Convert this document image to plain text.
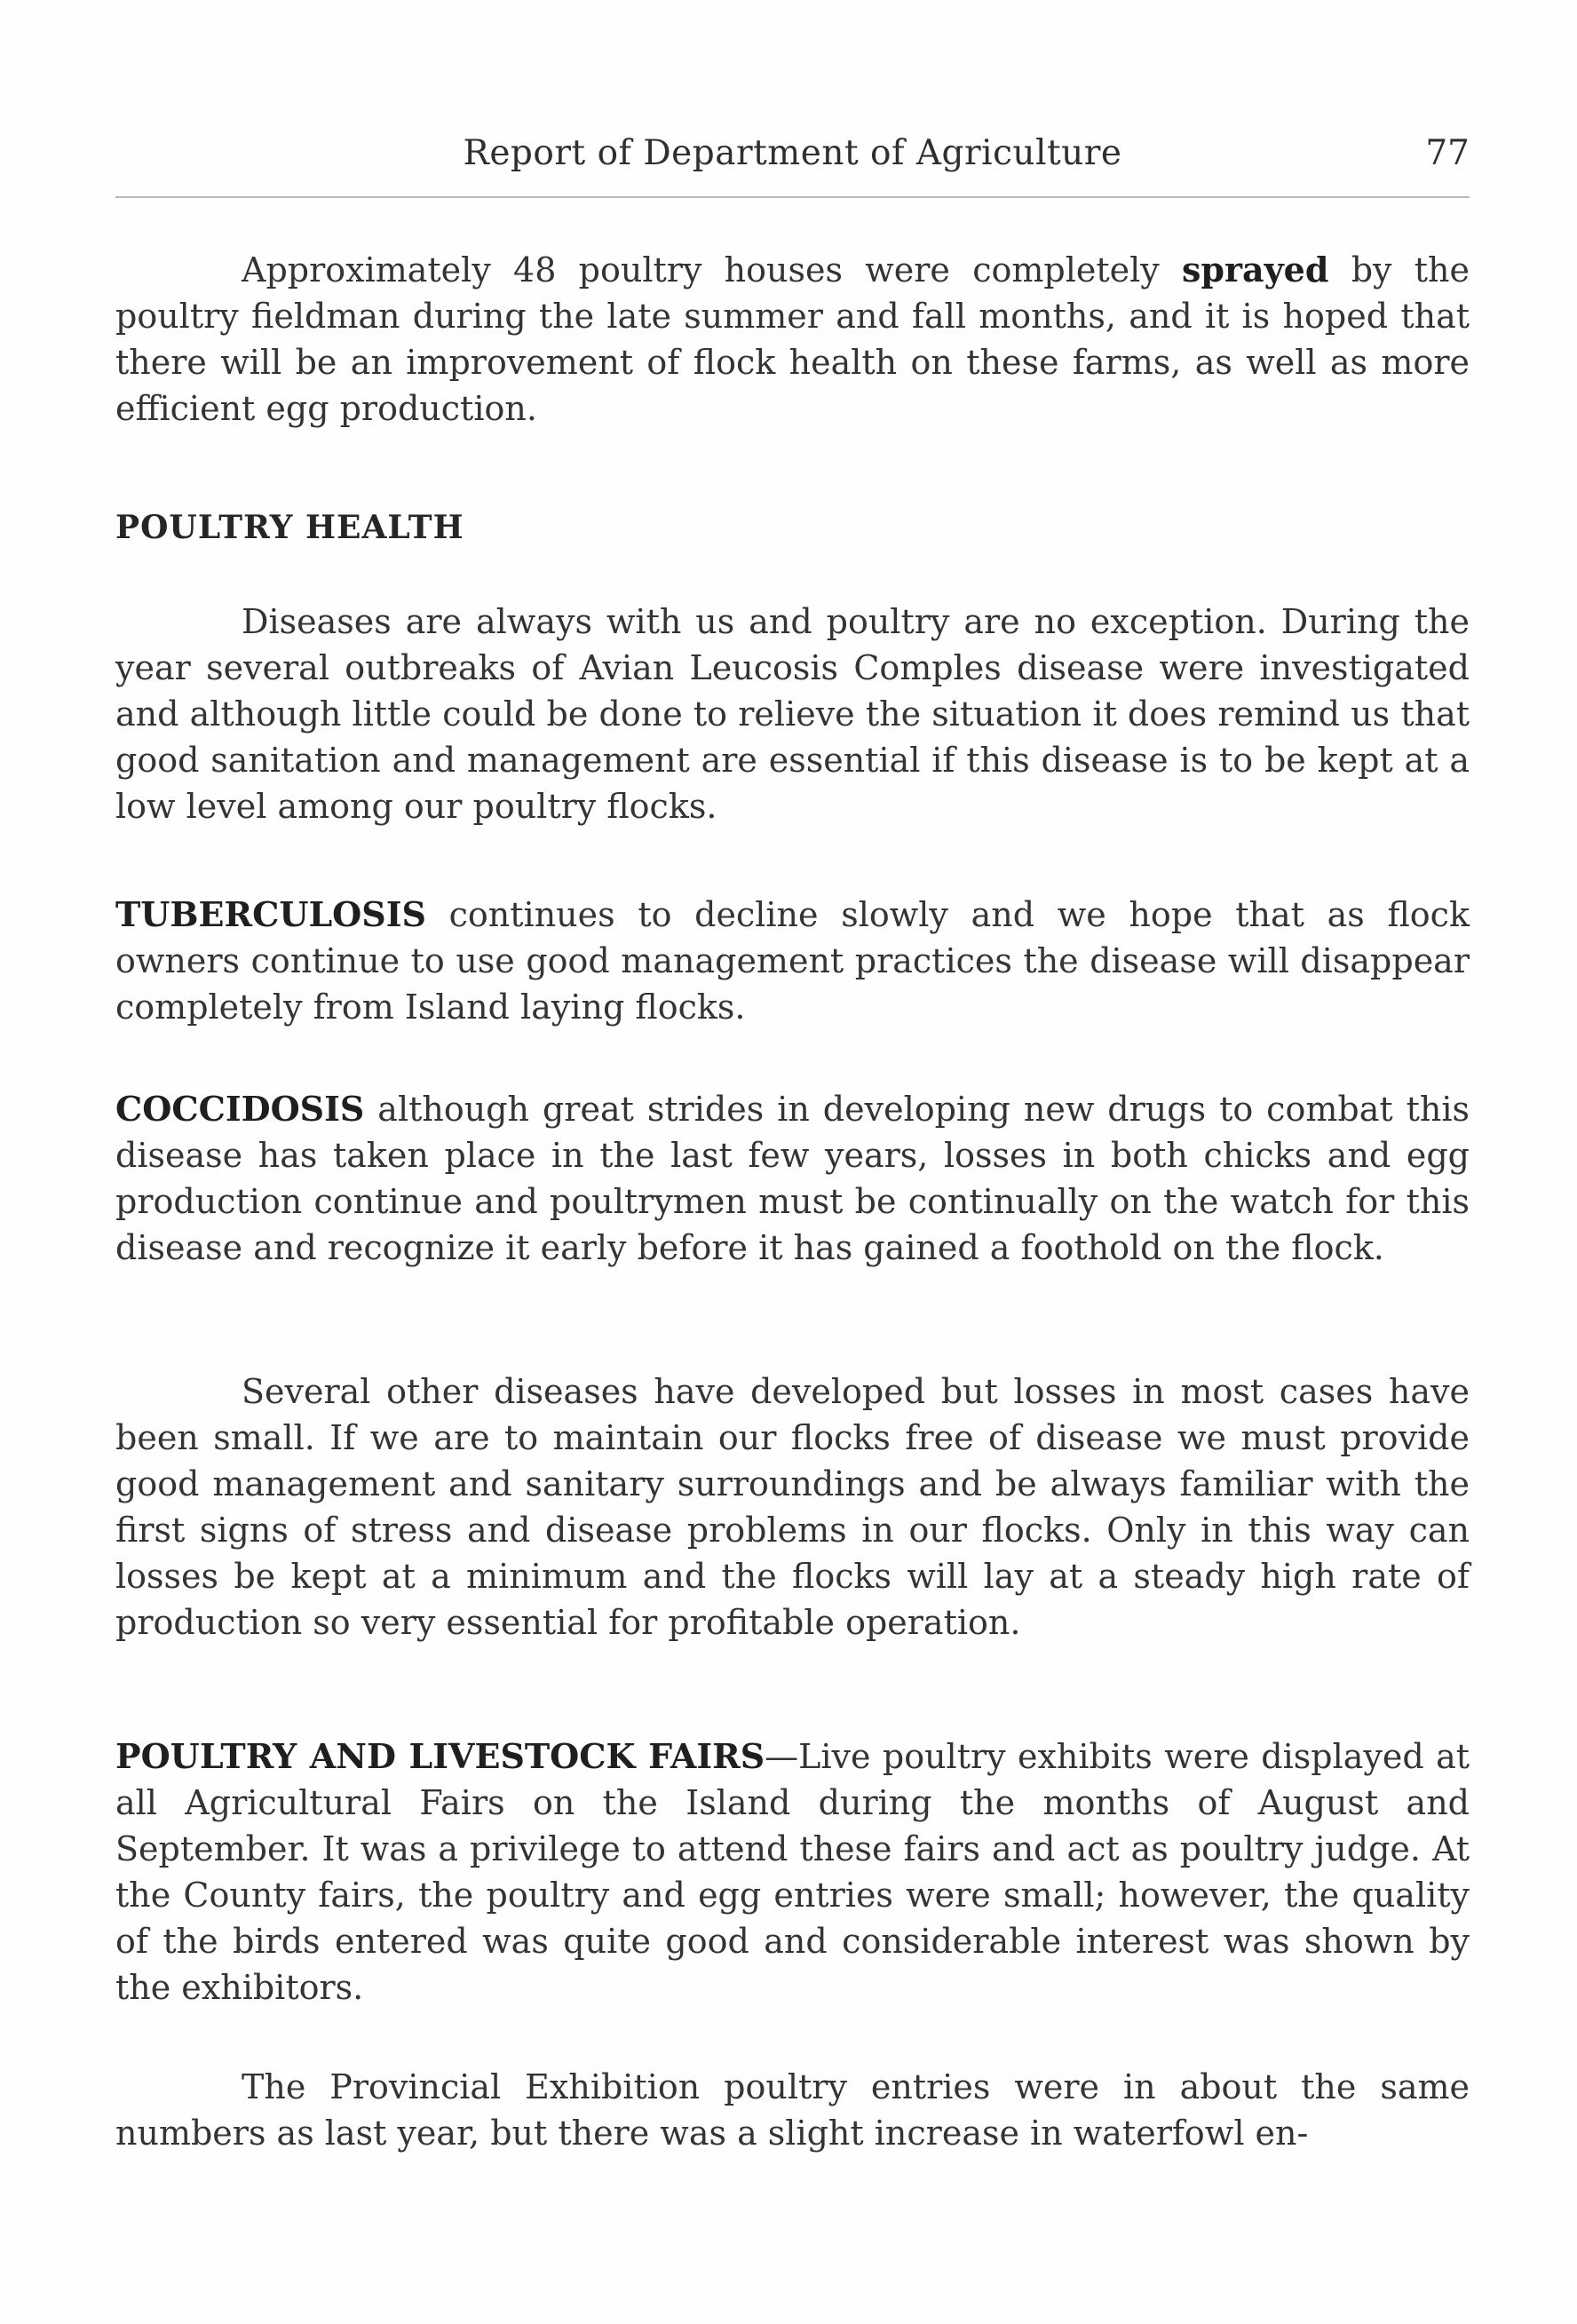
Report of Department of Agriculture	77

Approximately 48 poultry houses were completely sprayed by the poultry fieldman during the late summer and fall months, and it is hoped that there will be an improvement of flock health on these farms, as well as more efficient egg production.

POULTRY HEALTH

Diseases are always with us and poultry are no exception. During the year several outbreaks of Avian Leucosis Comples disease were investigated and although little could be done to relieve the situation it does remind us that good sanitation and management are essential if this disease is to be kept at a low level among our poultry flocks.

TUBERCULOSIS continues to decline slowly and we hope that as flock owners continue to use good management practices the disease will disappear completely from Island laying flocks.

COCCIDOSIS although great strides in developing new drugs to combat this disease has taken place in the last few years, losses in both chicks and egg production continue and poultrymen must be continually on the watch for this disease and recognize it early before it has gained a foothold on the flock.

Several other diseases have developed but losses in most cases have been small. If we are to maintain our flocks free of disease we must provide good management and sanitary surroundings and be always familiar with the first signs of stress and disease problems in our flocks. Only in this way can losses be kept at a minimum and the flocks will lay at a steady high rate of production so very essential for profitable operation.

POULTRY AND LIVESTOCK FAIRS—Live poultry exhibits were displayed at all Agricultural Fairs on the Island during the months of August and September. It was a privilege to attend these fairs and act as poultry judge. At the County fairs, the poultry and egg entries were small; however, the quality of the birds entered was quite good and considerable interest was shown by the exhibitors.

The Provincial Exhibition poultry entries were in about the same numbers as last year, but there was a slight increase in waterfowl en-
